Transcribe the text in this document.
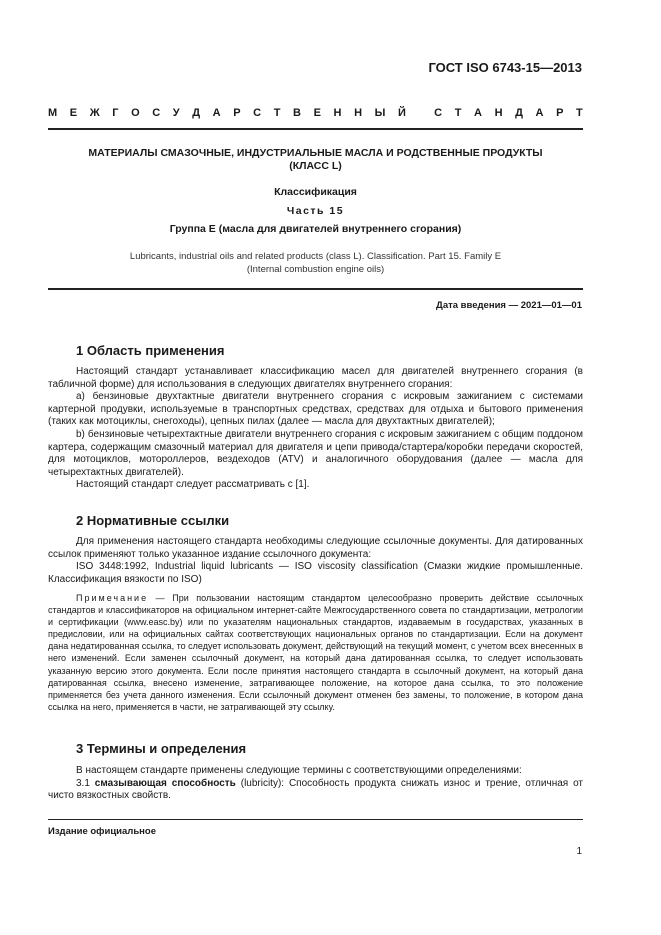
ГОСТ ISO 6743-15—2013
М Е Ж Г О С У Д А Р С Т В Е Н Н Ы Й
	С Т А Н Д А Р Т
МАТЕРИАЛЫ СМАЗОЧНЫЕ, ИНДУСТРИАЛЬНЫЕ МАСЛА И РОДСТВЕННЫЕ ПРОДУКТЫ
(КЛАСС L)
Классификация
Часть 15
Группа Е (масла для двигателей внутреннего сгорания)
Lubricants, industrial oils and related products (class L). Classification. Part 15. Family E
(Internal combustion engine oils)
Дата введения — 2021—01—01
1 Область применения

Настоящий стандарт устанавливает классификацию масел для двигателей внутреннего сгорания (в табличной форме) для использования в следующих двигателях внутреннего сгорания:

а) бензиновые двухтактные двигатели внутреннего сгорания с искровым зажиганием с системами картерной продувки, используемые в транспортных средствах, средствах для отдыха и бытового применения (таких как мотоциклы, снегоходы), цепных пилах (далее — масла для двухтактных двигателей);

b) бензиновые четырехтактные двигатели внутреннего сгорания с искровым зажиганием с общим поддоном картера, содержащим смазочный материал для двигателя и цепи привода/стартера/коробки передачи скоростей, для мотоциклов, мотороллеров, вездеходов (ATV) и аналогичного оборудования (далее — масла для четырехтактных двигателей).

Настоящий стандарт следует рассматривать с [1].

2 Нормативные ссылки

Для применения настоящего стандарта необходимы следующие ссылочные документы. Для датированных ссылок применяют только указанное издание ссылочного документа:

ISO 3448:1992, Industrial liquid lubricants — ISO viscosity classification (Смазки жидкие промышленные. Классификация вязкости по ISO)

Примечание — При пользовании настоящим стандартом целесообразно проверить действие ссылочных стандартов и классификаторов на официальном интернет-сайте Межгосударственного совета по стандартизации, метрологии и сертификации (www.easc.by) или по указателям национальных стандартов, издаваемым в государствах, указанных в предисловии, или на официальных сайтах соответствующих национальных органов по стандартизации. Если на документ дана недатированная ссылка, то следует использовать документ, действующий на текущий момент, с учетом всех внесенных в него изменений. Если заменен ссылочный документ, на который дана датированная ссылка, то следует использовать указанную версию этого документа. Если после принятия настоящего стандарта в ссылочный документ, на который дана датированная ссылка, внесено изменение, затрагивающее положение, на которое дана ссылка, то это положение применяется без учета данного изменения. Если ссылочный документ отменен без замены, то положение, в котором дана ссылка на него, применяется в части, не затрагивающей эту ссылку.

3 Термины и определения

В настоящем стандарте применены следующие термины с соответствующими определениями:

3.1 смазывающая способность (lubricity): Способность продукта снижать износ и трение, отличная от чисто вязкостных свойств.

Издание официальное
1
